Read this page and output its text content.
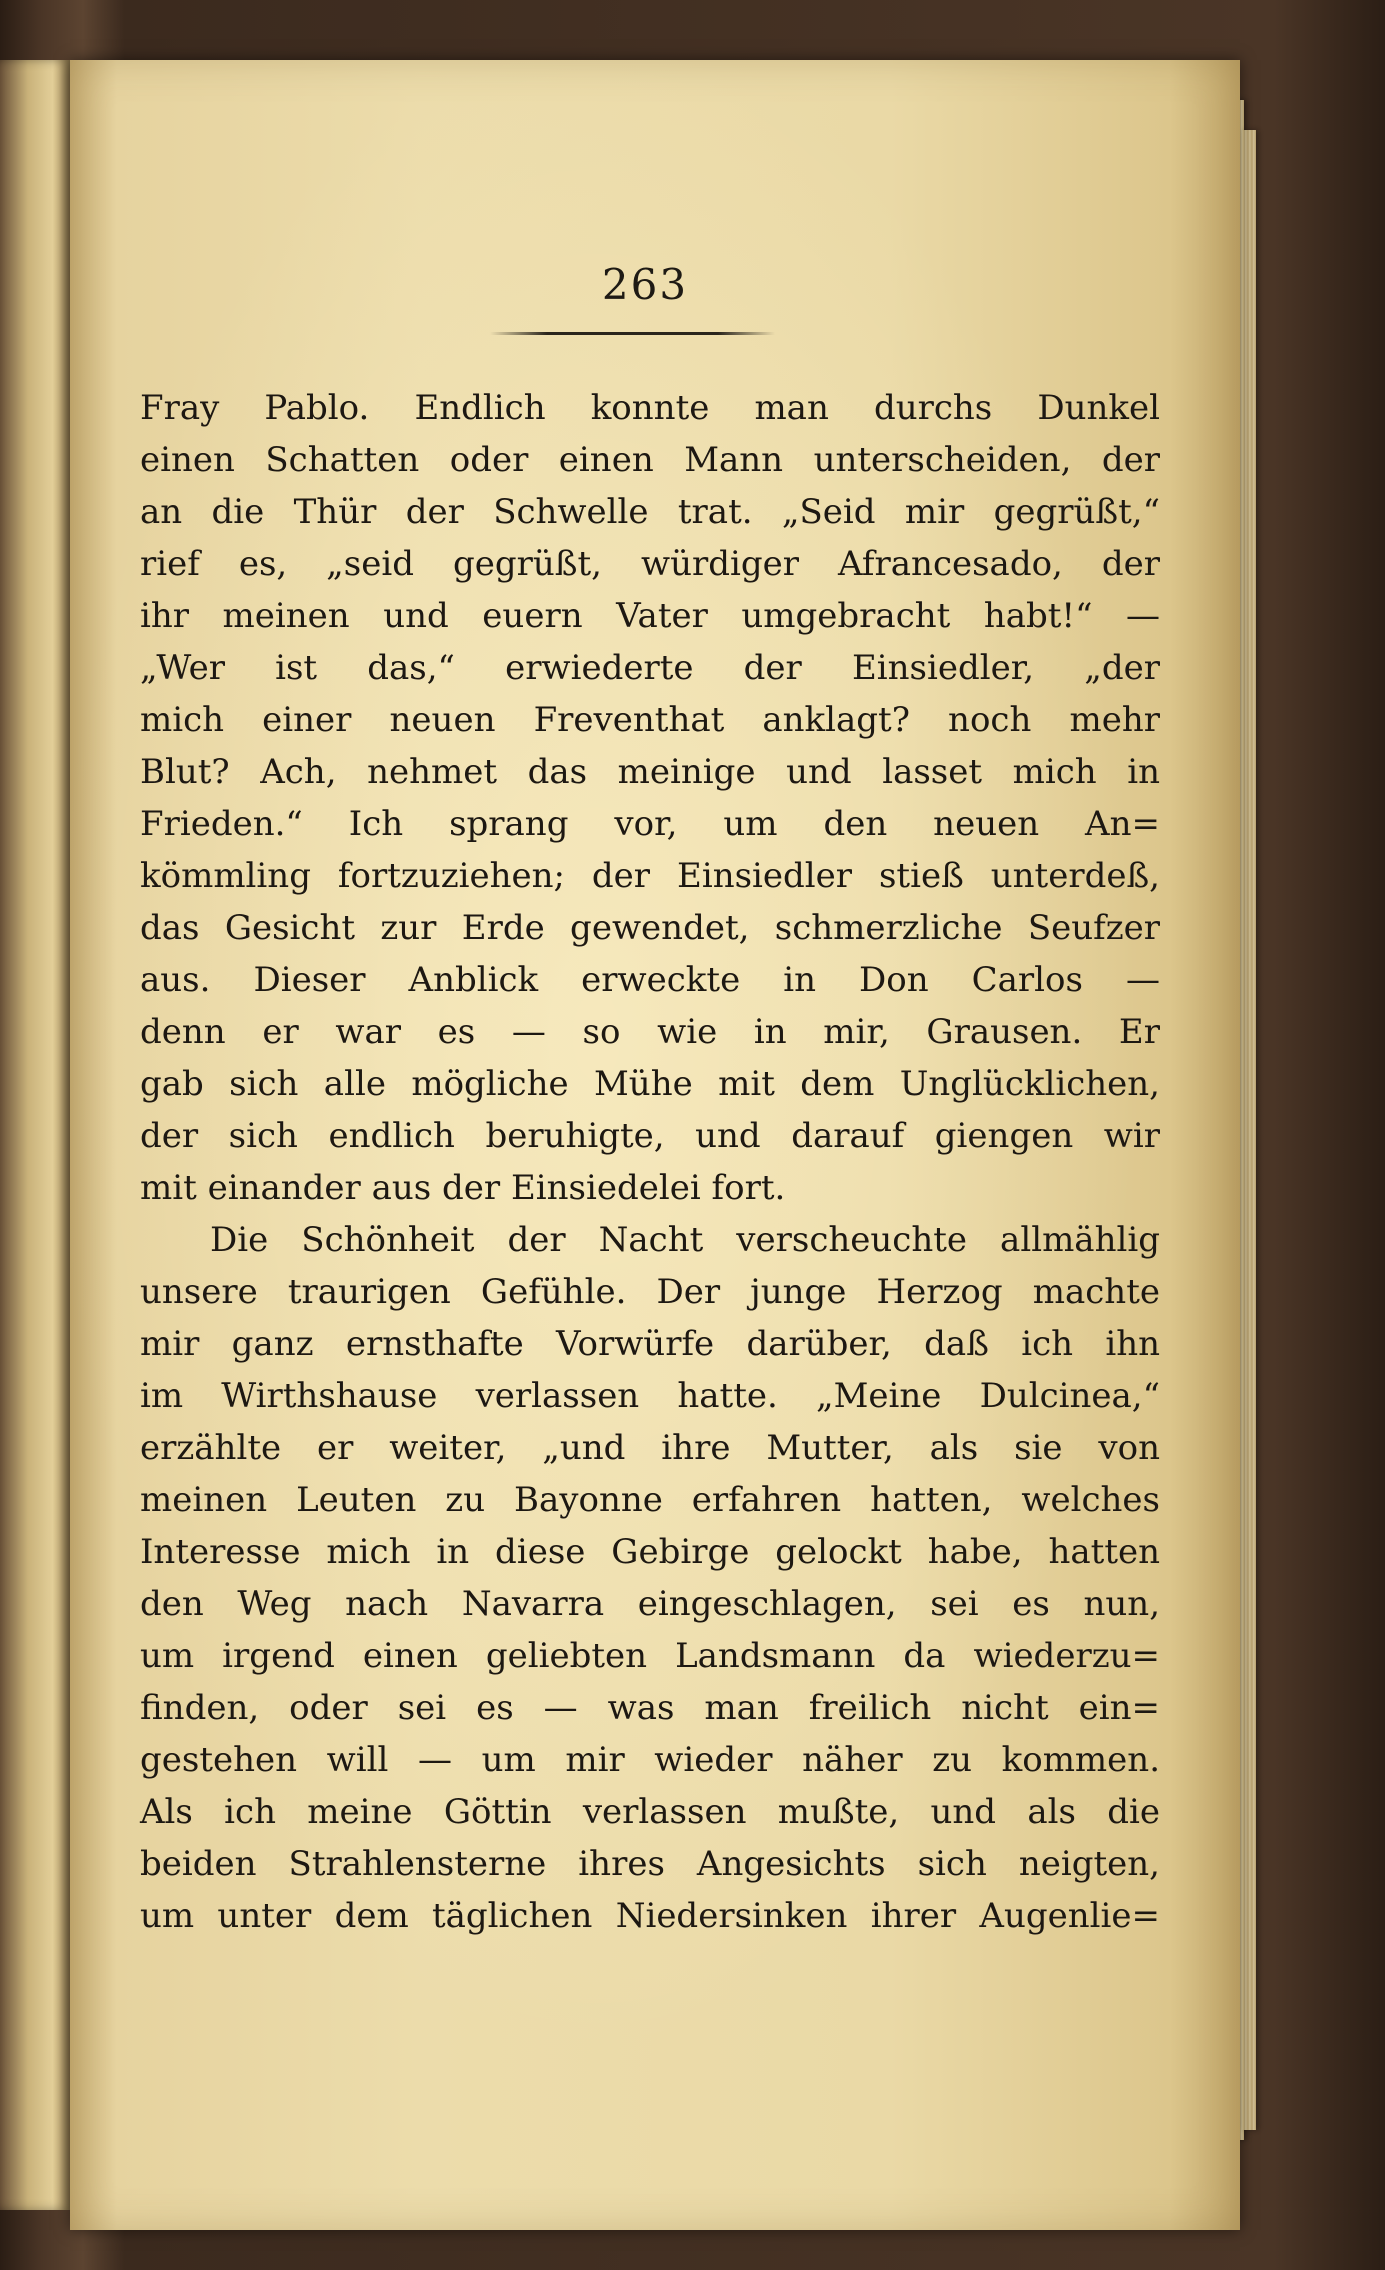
263
Fray Pablo. Endlich konnte man durchs Dunkel
einen Schatten oder einen Mann unterscheiden, der
an die Thür der Schwelle trat. „Seid mir gegrüßt,“
rief es, „seid gegrüßt, würdiger Afrancesado, der
ihr meinen und euern Vater umgebracht habt!“ —
„Wer ist das,“ erwiederte der Einsiedler, „der
mich einer neuen Freventhat anklagt? noch mehr
Blut? Ach, nehmet das meinige und lasset mich in
Frieden.“ Ich sprang vor, um den neuen An=
kömmling fortzuziehen; der Einsiedler stieß unterdeß,
das Gesicht zur Erde gewendet, schmerzliche Seufzer
aus. Dieser Anblick erweckte in Don Carlos —
denn er war es — so wie in mir, Grausen. Er
gab sich alle mögliche Mühe mit dem Unglücklichen,
der sich endlich beruhigte, und darauf giengen wir
mit einander aus der Einsiedelei fort.
Die Schönheit der Nacht verscheuchte allmählig
unsere traurigen Gefühle. Der junge Herzog machte
mir ganz ernsthafte Vorwürfe darüber, daß ich ihn
im Wirthshause verlassen hatte. „Meine Dulcinea,“
erzählte er weiter, „und ihre Mutter, als sie von
meinen Leuten zu Bayonne erfahren hatten, welches
Interesse mich in diese Gebirge gelockt habe, hatten
den Weg nach Navarra eingeschlagen, sei es nun,
um irgend einen geliebten Landsmann da wiederzu=
finden, oder sei es — was man freilich nicht ein=
gestehen will — um mir wieder näher zu kommen.
Als ich meine Göttin verlassen mußte, und als die
beiden Strahlensterne ihres Angesichts sich neigten,
um unter dem täglichen Niedersinken ihrer Augenlie=
